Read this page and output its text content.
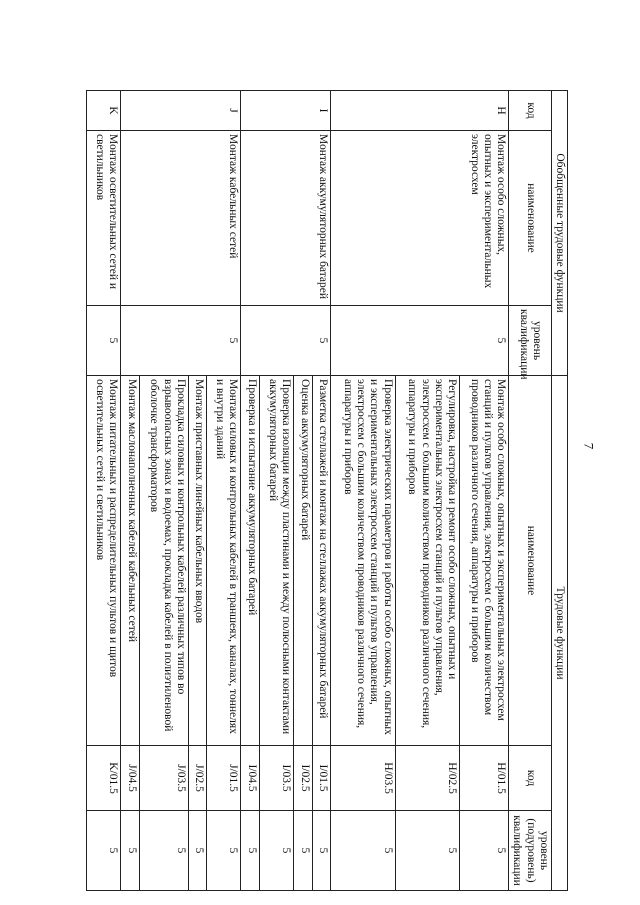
7
Обобщенные трудовые функции			Трудовые функции		
код	наименование	уровень квалификации	наименование	код	уровень (подуровень) квалификации
H	Монтаж особо сложных, опытных и экспериментальных электросхем	5	Монтаж особо сложных, опытных и экспериментальных электросхем станций и пультов управления, электросхем с большим количеством проводников различного сечения, аппаратуры и приборов	H/01.5	5
			Регулировка, настройка и ремонт особо сложных, опытных и экспериментальных электросхем станций и пультов управления, электросхем с большим количеством проводников различного сечения, аппаратуры и приборов	H/02.5	5
			Проверка электрических параметров и работы особо сложных, опытных и экспериментальных электросхем станций и пультов управления, электросхем с большим количеством проводников различного сечения, аппаратуры и приборов	H/03.5	5
I	Монтаж аккумуляторных батарей	5	Разметка стеллажей и монтаж на стеллажах аккумуляторных батарей	I/01.5	5
			Оценка аккумуляторных батарей	I/02.5	5
			Проверка изоляции между пластинами и между полюсными контактами аккумуляторных батарей	I/03.5	5
			Проверка и испытание аккумуляторных батарей	I/04.5	5
J	Монтаж кабельных сетей	5	Монтаж силовых и контрольных кабелей в траншеях, каналах, тоннелях и внутри зданий	J/01.5	5
			Монтаж приставных линейных кабельных вводов	J/02.5	5
			Прокладка силовых и контрольных кабелей различных типов во взрывоопасных зонах и водоемах, прокладка кабелей в полиэтиленовой оболочке трансформаторов	J/03.5	5
			Монтаж маслонаполненных кабелей кабельных сетей	J/04.5	5
K	Монтаж осветительных сетей и светильников	5	Монтаж питательных и распределительных пультов и щитов осветительных сетей и светильников	K/01.5	5
